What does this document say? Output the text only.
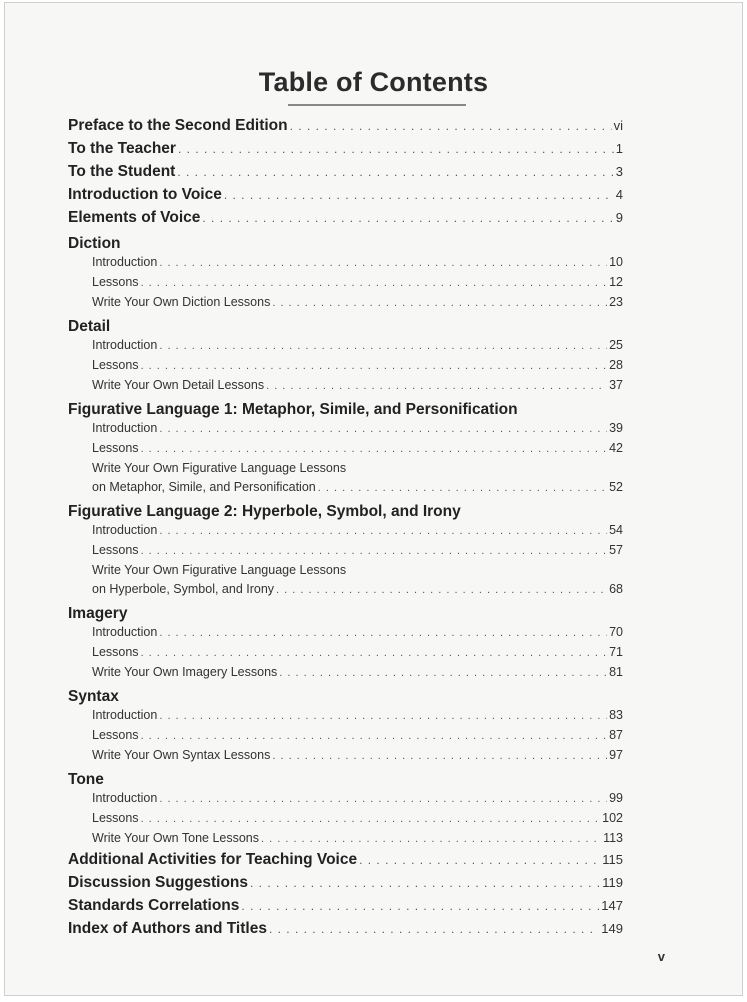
Table of Contents
Preface to the Second Edition . . .	vi
To the Teacher . . .	1
To the Student . . .	3
Introduction to Voice . . .	4
Elements of Voice . . .	9
Diction
Introduction . . .	10
Lessons . . .	12
Write Your Own Diction Lessons . . .	23
Detail
Introduction . . .	25
Lessons . . .	28
Write Your Own Detail Lessons . . .	37
Figurative Language 1: Metaphor, Simile, and Personification
Introduction . . .	39
Lessons . . .	42
Write Your Own Figurative Language Lessons
on Metaphor, Simile, and Personification . . .	52
Figurative Language 2: Hyperbole, Symbol, and Irony
Introduction . . .	54
Lessons . . .	57
Write Your Own Figurative Language Lessons
on Hyperbole, Symbol, and Irony . . .	68
Imagery
Introduction . . .	70
Lessons . . .	71
Write Your Own Imagery Lessons . . .	81
Syntax
Introduction . . .	83
Lessons . . .	87
Write Your Own Syntax Lessons . . .	97
Tone
Introduction . . .	99
Lessons . . .	102
Write Your Own Tone Lessons . . .	113
Additional Activities for Teaching Voice . . .	115
Discussion Suggestions . . .	119
Standards Correlations . . .	147
Index of Authors and Titles . . .	149
v
